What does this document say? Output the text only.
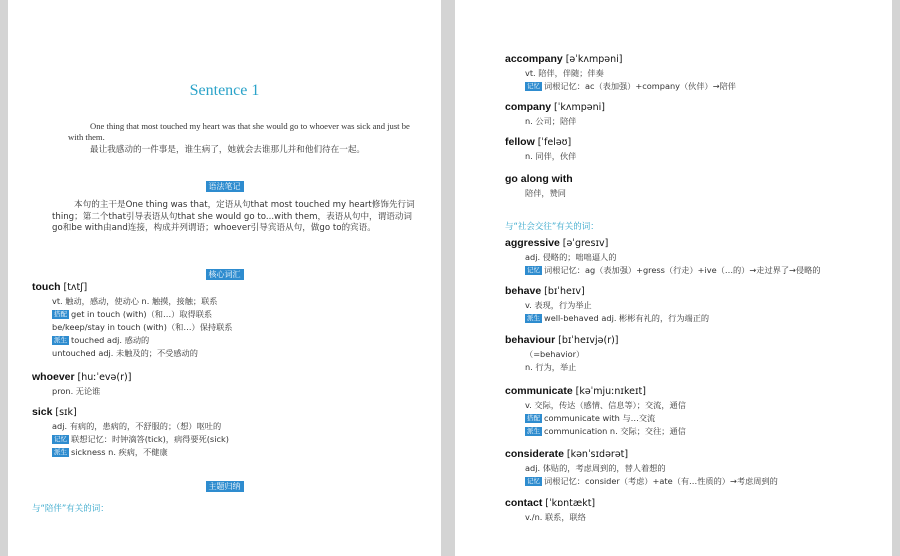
Sentence 1
One thing that most touched my heart was that she would go to whoever was sick and just be with them.
最让我感动的一件事是，谁生病了，她就会去谁那儿并和他们待在一起。
语法笔记
本句的主干是One thing was that，定语从句that most touched my heart修饰先行词thing；第二个that引导表语从句that she would go to...with them，表语从句中，谓语动词go和be with由and连接，构成并列谓语；whoever引导宾语从句，做go to的宾语。
核心词汇
touch [tʌtʃ]
vt. 触动，感动，使动心 n. 触摸，接触；联系
搭配 get in touch (with)（和…）取得联系
be/keep/stay in touch (with)（和…）保持联系
派生 touched adj. 感动的
untouched adj. 未触及的；不受感动的
whoever [huːˈevə(r)]
pron. 无论谁
sick [sɪk]
adj. 有病的，患病的，不舒服的；（想）呕吐的
记忆 联想记忆：时钟滴答(tick)，病得要死(sick)
派生 sickness n. 疾病，不健康
主题归纳
与“陪伴”有关的词：
accompany [əˈkʌmpəni]
vt. 陪伴，伴随；伴奏
记忆 词根记忆：ac（表加强）+company（伙伴）→陪伴
company [ˈkʌmpəni]
n. 公司；陪伴
fellow [ˈfeləʊ]
n. 同伴，伙伴
go along with
陪伴，赞同
与“社会交往”有关的词：
aggressive [əˈgresɪv]
adj. 侵略的；咄咄逼人的
记忆 词根记忆：ag（表加强）+gress（行走）+ive（…的）→走过界了→侵略的
behave [bɪˈheɪv]
v. 表现，行为举止
派生 well-behaved adj. 彬彬有礼的，行为端正的
behaviour [bɪˈheɪvjə(r)]
（=behavior）
n. 行为，举止
communicate [kəˈmjuːnɪkeɪt]
v. 交际，传达（感情、信息等）；交流，通信
搭配 communicate with 与…交流
派生 communication n. 交际；交往；通信
considerate [kənˈsɪdərət]
adj. 体贴的，考虑周到的，替人着想的
记忆 词根记忆：consider（考虑）+ate（有…性质的）→考虑周到的
contact [ˈkɒntækt]
v./n. 联系，联络
